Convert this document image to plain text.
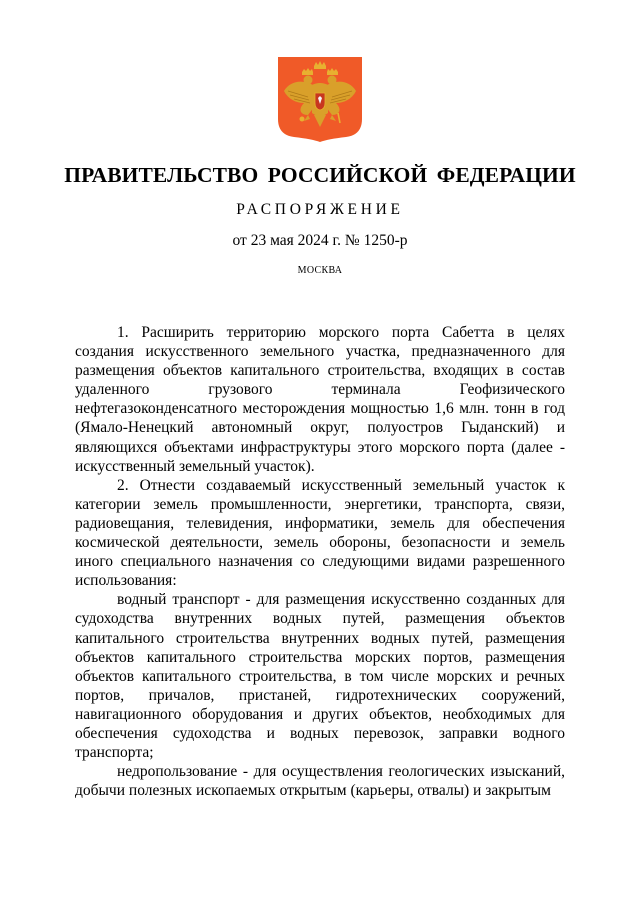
ПРАВИТЕЛЬСТВО РОССИЙСКОЙ ФЕДЕРАЦИИ
РАСПОРЯЖЕНИЕ
от 23 мая 2024 г. № 1250-р
МОСКВА

1. Расширить территорию морского порта Сабетта в целях создания искусственного земельного участка, предназначенного для размещения объектов капитального строительства, входящих в состав удаленного грузового терминала Геофизического нефтегазоконденсатного месторождения мощностью 1,6 млн. тонн в год (Ямало-Ненецкий автономный округ, полуостров Гыданский) и являющихся объектами инфраструктуры этого морского порта (далее - искусственный земельный участок).

2. Отнести создаваемый искусственный земельный участок к категории земель промышленности, энергетики, транспорта, связи, радиовещания, телевидения, информатики, земель для обеспечения космической деятельности, земель обороны, безопасности и земель иного специального назначения со следующими видами разрешенного использования:

водный транспорт - для размещения искусственно созданных для судоходства внутренних водных путей, размещения объектов капитального строительства внутренних водных путей, размещения объектов капитального строительства морских портов, размещения объектов капитального строительства, в том числе морских и речных портов, причалов, пристаней, гидротехнических сооружений, навигационного оборудования и других объектов, необходимых для обеспечения судоходства и водных перевозок, заправки водного транспорта;

недропользование - для осуществления геологических изысканий, добычи полезных ископаемых открытым (карьеры, отвалы) и закрытым
